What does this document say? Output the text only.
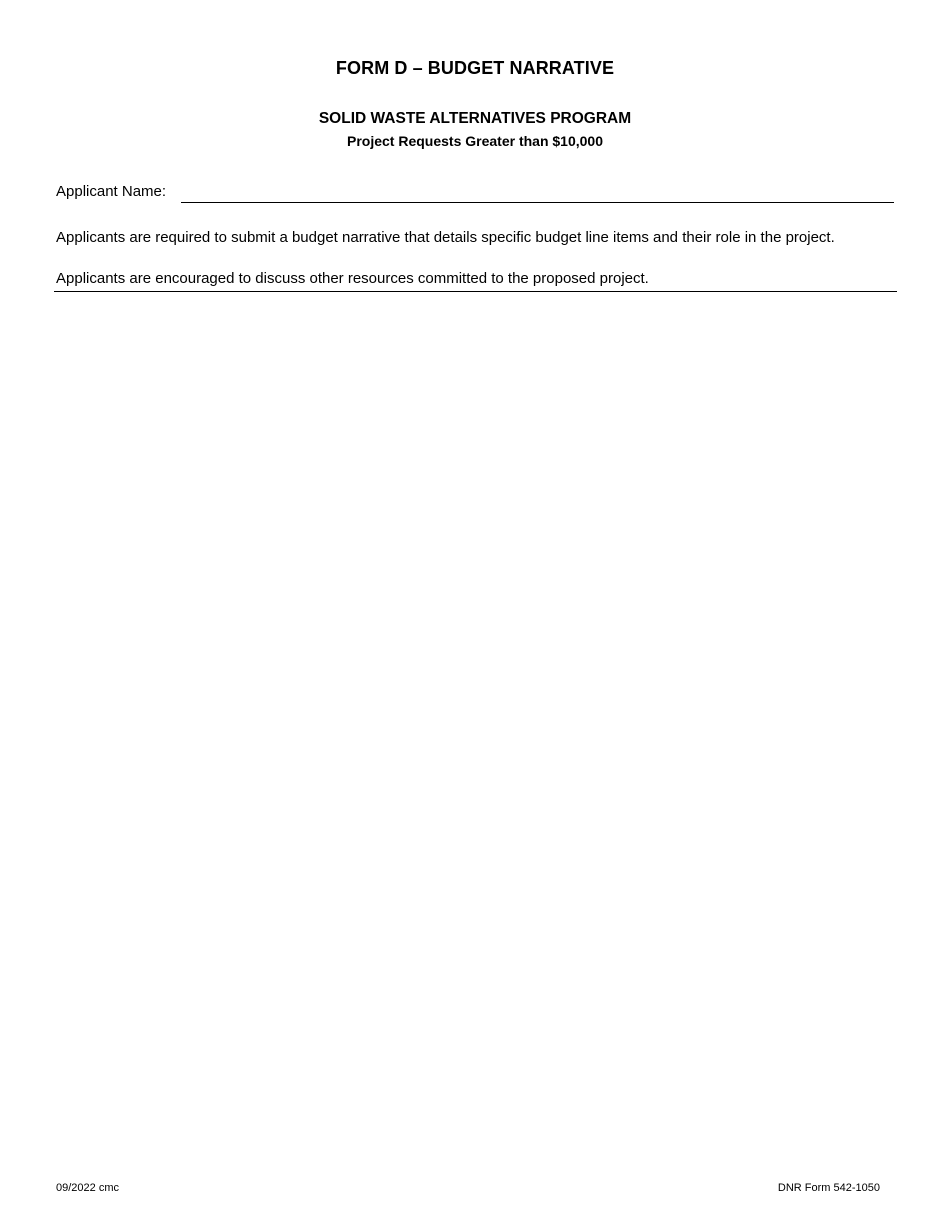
FORM D – BUDGET NARRATIVE
SOLID WASTE ALTERNATIVES PROGRAM
Project Requests Greater than $10,000
Applicant Name:
Applicants are required to submit a budget narrative that details specific budget line items and their role in the project.
Applicants are encouraged to discuss other resources committed to the proposed project.
09/2022 cmc	DNR Form 542-1050
